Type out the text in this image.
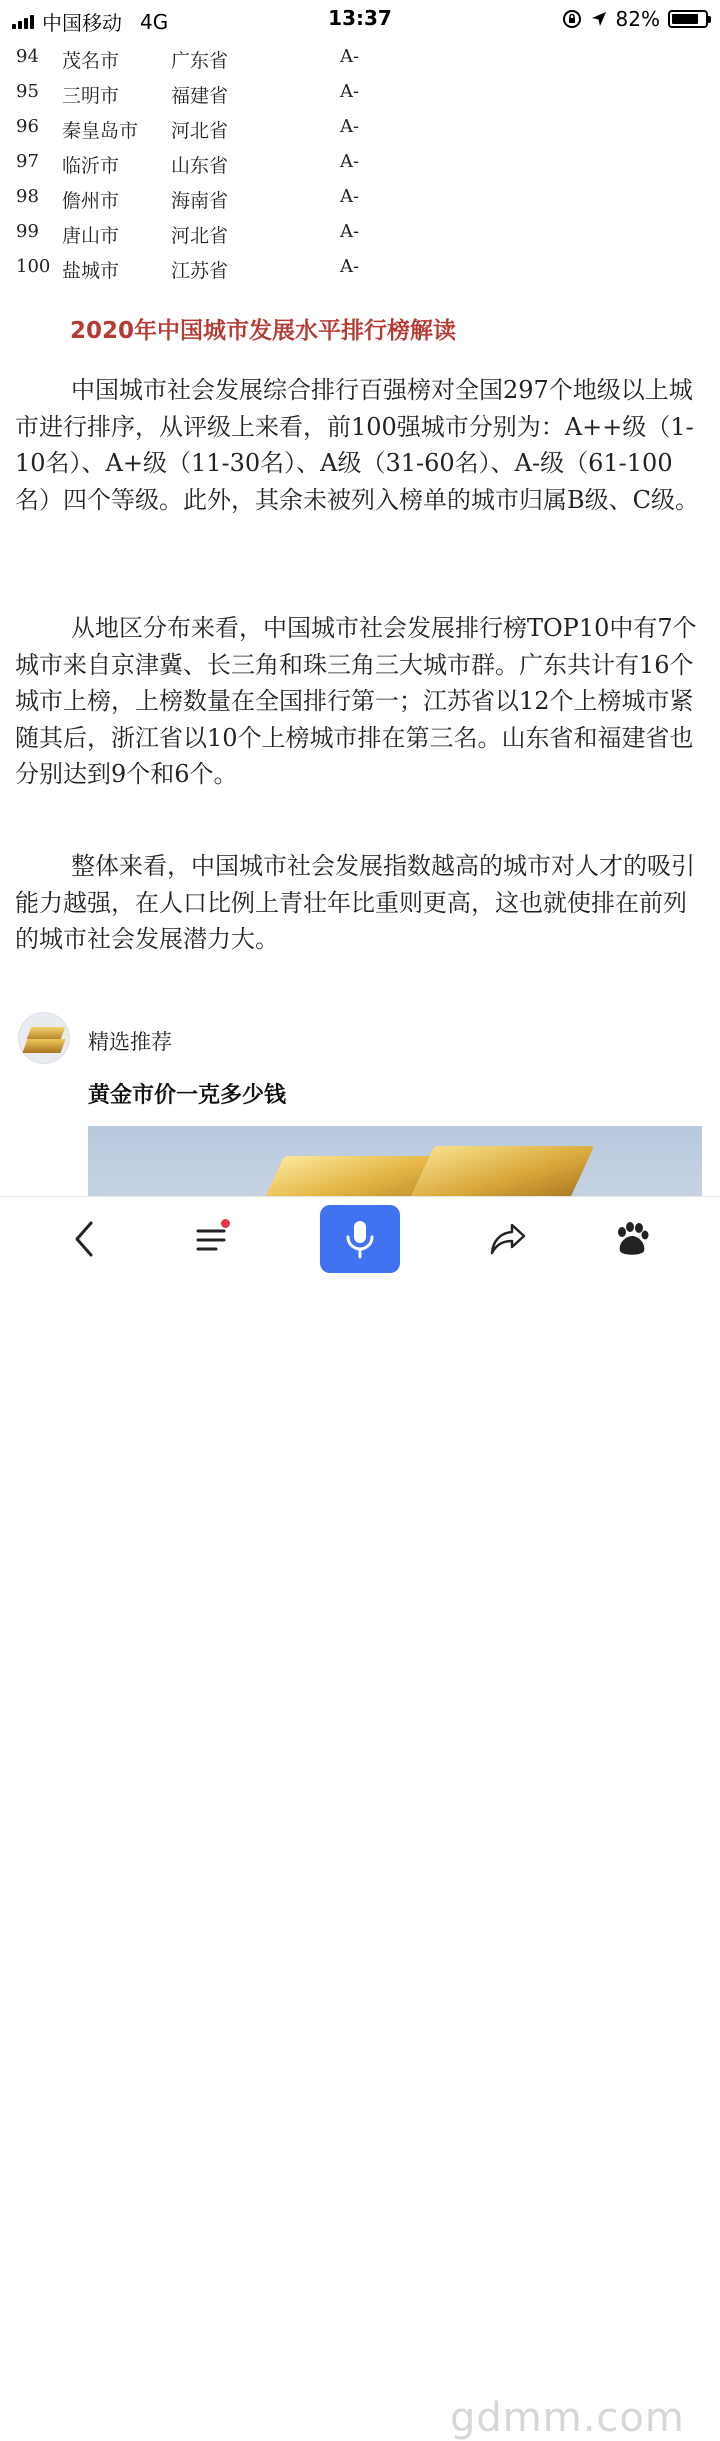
中国移动 4G	13:37	82%
94 茂名市	广东省	A-
95 三明市	福建省	A-
96 秦皇岛市 河北省	A-
97 临沂市	山东省	A-
98 儋州市	海南省	A-
99 唐山市	河北省	A-
100 盐城市	江苏省	A-
2020年中国城市发展水平排行榜解读

中国城市社会发展综合排行百强榜对全国297个地级以上城市进行排序，从评级上来看，前100强城市分别为：A++级（1-10名）、A+级（11-30名）、A级（31-60名）、A-级（61-100名）四个等级。此外，其余未被列入榜单的城市归属B级、C级。

从地区分布来看，中国城市社会发展排行榜TOP10中有7个城市来自京津冀、长三角和珠三角三大城市群。广东共计有16个城市上榜，上榜数量在全国排行第一；江苏省以12个上榜城市紧随其后，浙江省以10个上榜城市排在第三名。山东省和福建省也分别达到9个和6个。

整体来看，中国城市社会发展指数越高的城市对人才的吸引能力越强，在人口比例上青壮年比重则更高，这也就使排在前列的城市社会发展潜力大。

精选推荐
黄金市价一克多少钱
gdmm.com
